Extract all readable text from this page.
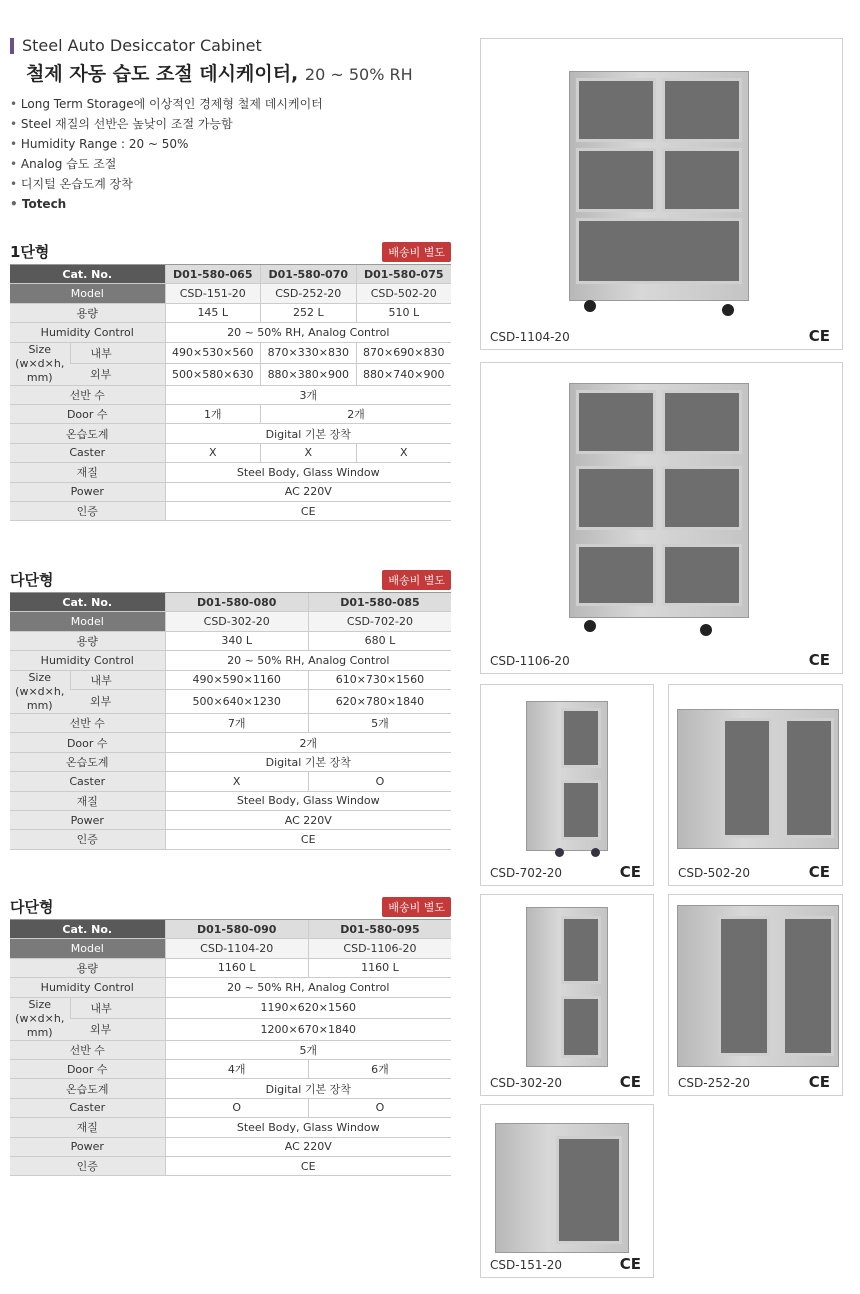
Steel Auto Desiccator Cabinet
철제 자동 습도 조절 데시케이터, 20 ~ 50% RH
• Long Term Storage에 이상적인 경제형 철제 데시케이터
• Steel 재질의 선반은 높낮이 조절 가능함
• Humidity Range : 20 ~ 50%
• Analog 습도 조절
• 디지털 온습도계 장착
• Totech
1단형	배송비 별도
Cat. No.		D01-580-065	D01-580-070	D01-580-075
Model		CSD-151-20	CSD-252-20	CSD-502-20
용량		145 L	252 L	510 L
Humidity Control		20 ~ 50% RH, Analog Control		
Size (w×d×h, mm)	내부	490×530×560	870×330×830	870×690×830
	외부	500×580×630	880×380×900	880×740×900
선반 수		3개		
Door 수		1개	2개	
온습도계		Digital 기본 장착		
Caster		X	X	X
재질		Steel Body, Glass Window		
Power		AC 220V		
인증		CE		
다단형	배송비 별도
Cat. No.		D01-580-080	D01-580-085
Model		CSD-302-20	CSD-702-20
용량		340 L	680 L
Humidity Control		20 ~ 50% RH, Analog Control	
Size (w×d×h, mm)	내부	490×590×1160	610×730×1560
	외부	500×640×1230	620×780×1840
선반 수		7개	5개
Door 수		2개	
온습도계		Digital 기본 장착	
Caster		X	O
재질		Steel Body, Glass Window	
Power		AC 220V	
인증		CE	
다단형	배송비 별도
Cat. No.		D01-580-090	D01-580-095
Model		CSD-1104-20	CSD-1106-20
용량		1160 L	1160 L
Humidity Control		20 ~ 50% RH, Analog Control	
Size (w×d×h, mm)	내부	1190×620×1560	
	외부	1200×670×1840	
선반 수		5개	
Door 수		4개	6개
온습도계		Digital 기본 장착	
Caster		O	O
재질		Steel Body, Glass Window	
Power		AC 220V	
인증		CE	
CSD-1104-20	CE
CSD-1106-20	CE
CSD-702-20	CE	CSD-502-20	CE
CSD-302-20	CE	CSD-252-20	CE
CSD-151-20	CE
